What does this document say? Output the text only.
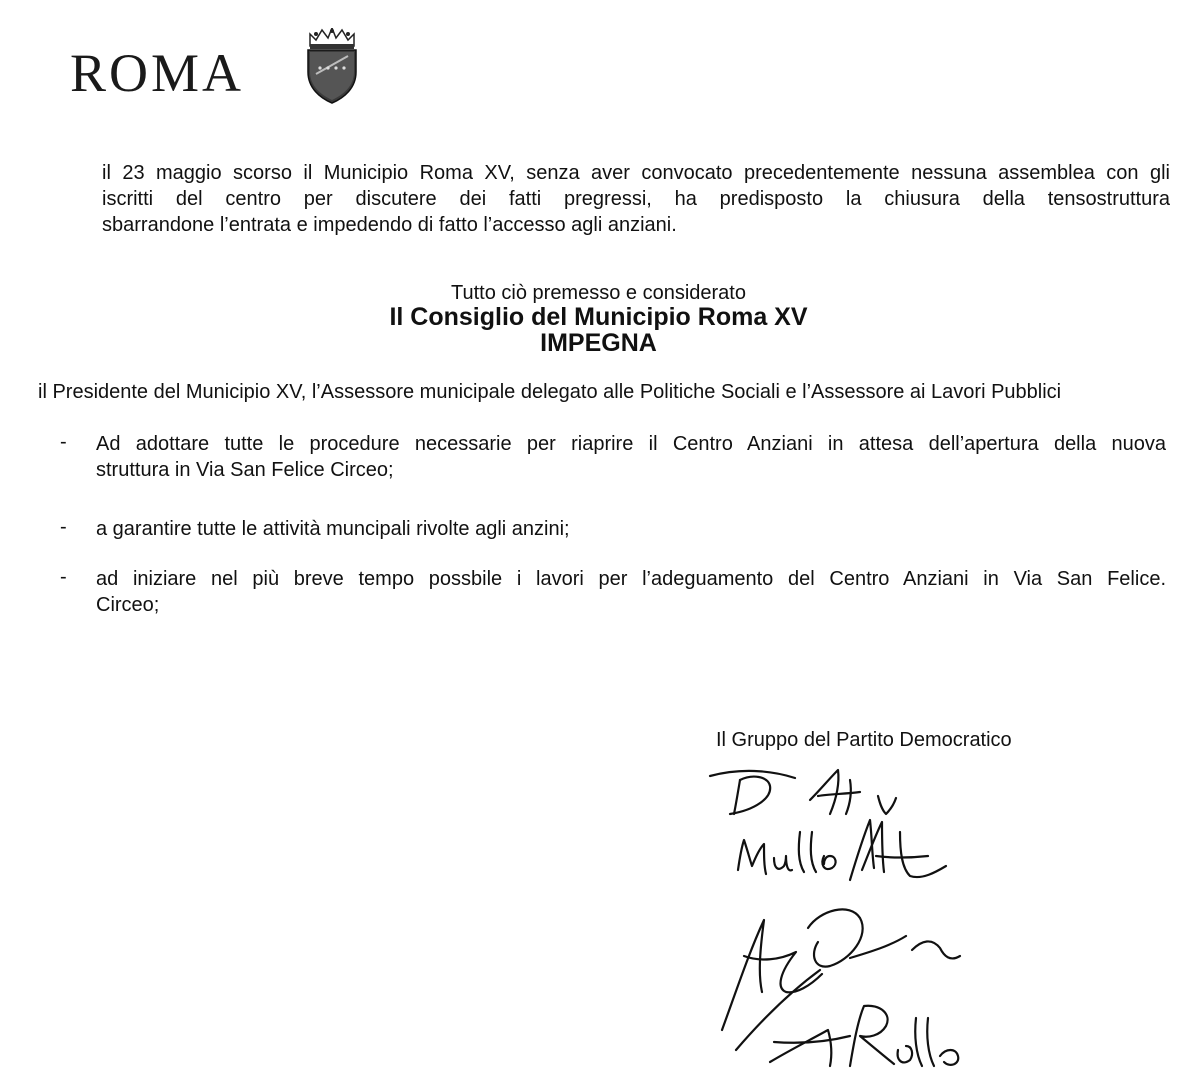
ROMA
il 23 maggio scorso il Municipio Roma XV, senza aver convocato precedentemente nessuna assemblea con gli
iscritti del centro per discutere dei fatti pregressi, ha predisposto la chiusura della tensostruttura
sbarrandone l’entrata e impedendo di fatto l’accesso agli anziani.
Tutto ciò premesso e considerato
Il Consiglio del Municipio Roma XV
IMPEGNA
il Presidente del Municipio XV, l’Assessore municipale delegato alle Politiche Sociali e l’Assessore ai Lavori Pubblici
- Ad adottare tutte le procedure necessarie per riaprire il Centro Anziani in attesa dell’apertura della nuova
struttura in Via San Felice Circeo;
- a garantire tutte le attività muncipali rivolte agli anzini;
- ad iniziare nel più breve tempo possbile i lavori per l’adeguamento del Centro Anziani in Via San Felice.
Circeo;
Il Gruppo del Partito Democratico
